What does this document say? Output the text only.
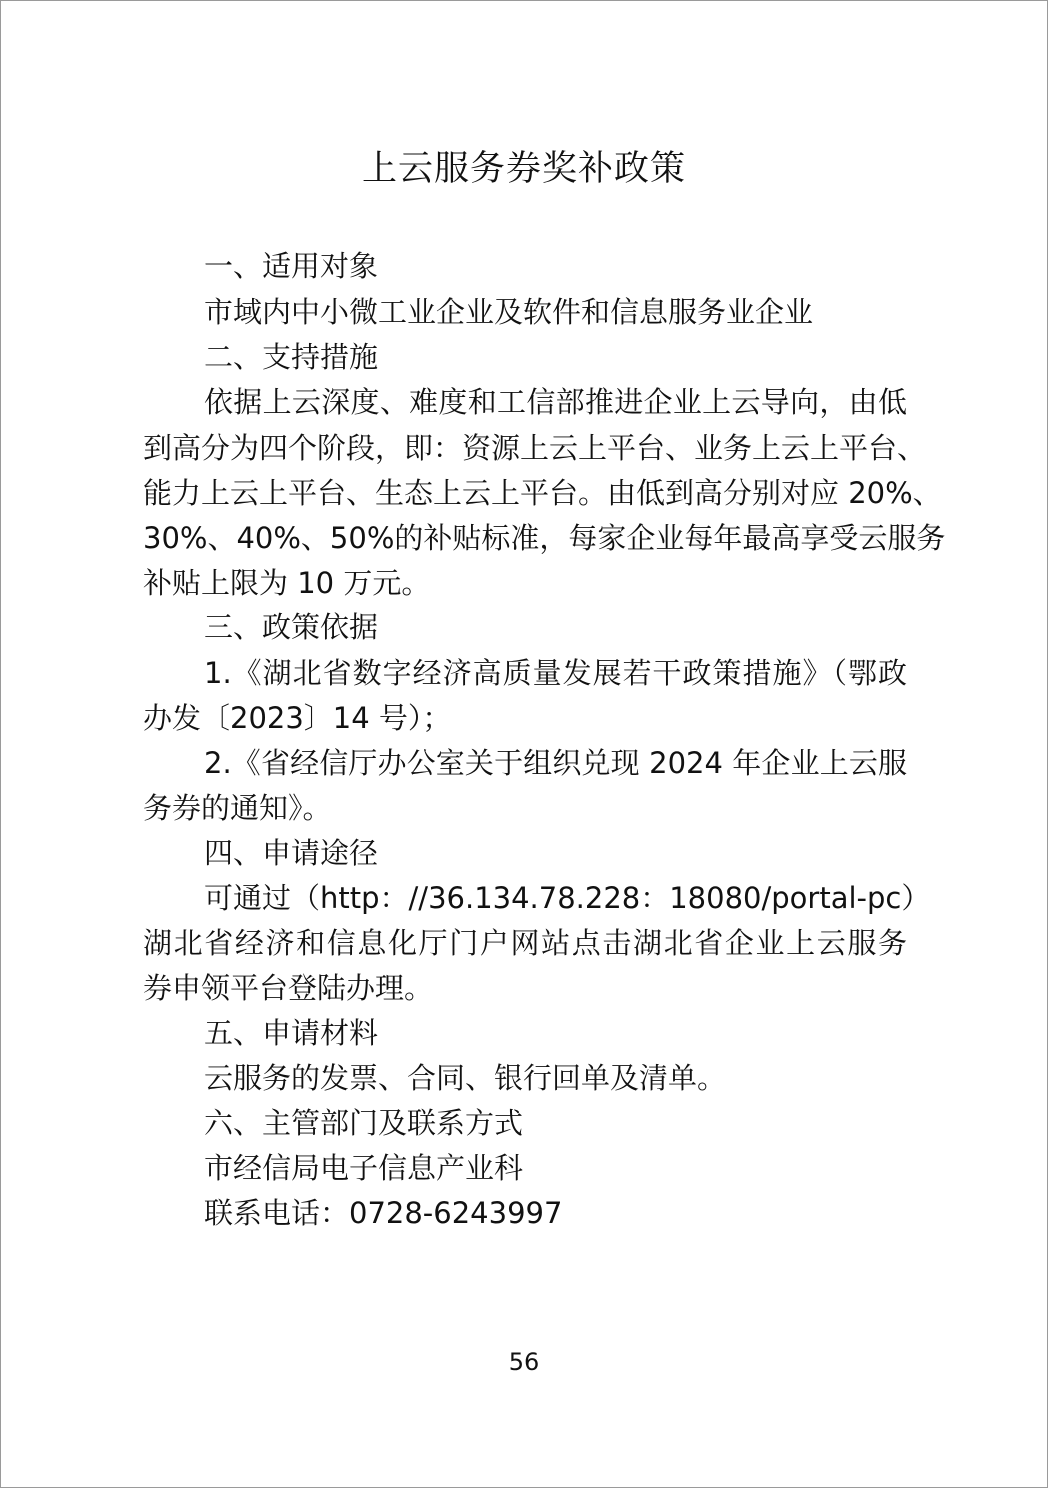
上云服务券奖补政策
一、适用对象
市域内中小微工业企业及软件和信息服务业企业
二、支持措施
依据上云深度、难度和工信部推进企业上云导向，由低
到高分为四个阶段，即：资源上云上平台、业务上云上平台、
能力上云上平台、生态上云上平台。由低到高分别对应 20%、
30%、40%、50%的补贴标准，每家企业每年最高享受云服务
补贴上限为 10 万元。
三、政策依据
1.《湖北省数字经济高质量发展若干政策措施》（鄂政
办发〔2023〕14 号）；
2.《省经信厅办公室关于组织兑现 2024 年企业上云服
务券的通知》。
四、申请途径
可通过（http：//36.134.78.228：18080/portal-pc）
湖北省经济和信息化厅门户网站点击湖北省企业上云服务
券申领平台登陆办理。
五、申请材料
云服务的发票、合同、银行回单及清单。
六、主管部门及联系方式
市经信局电子信息产业科
联系电话：0728-6243997
56
